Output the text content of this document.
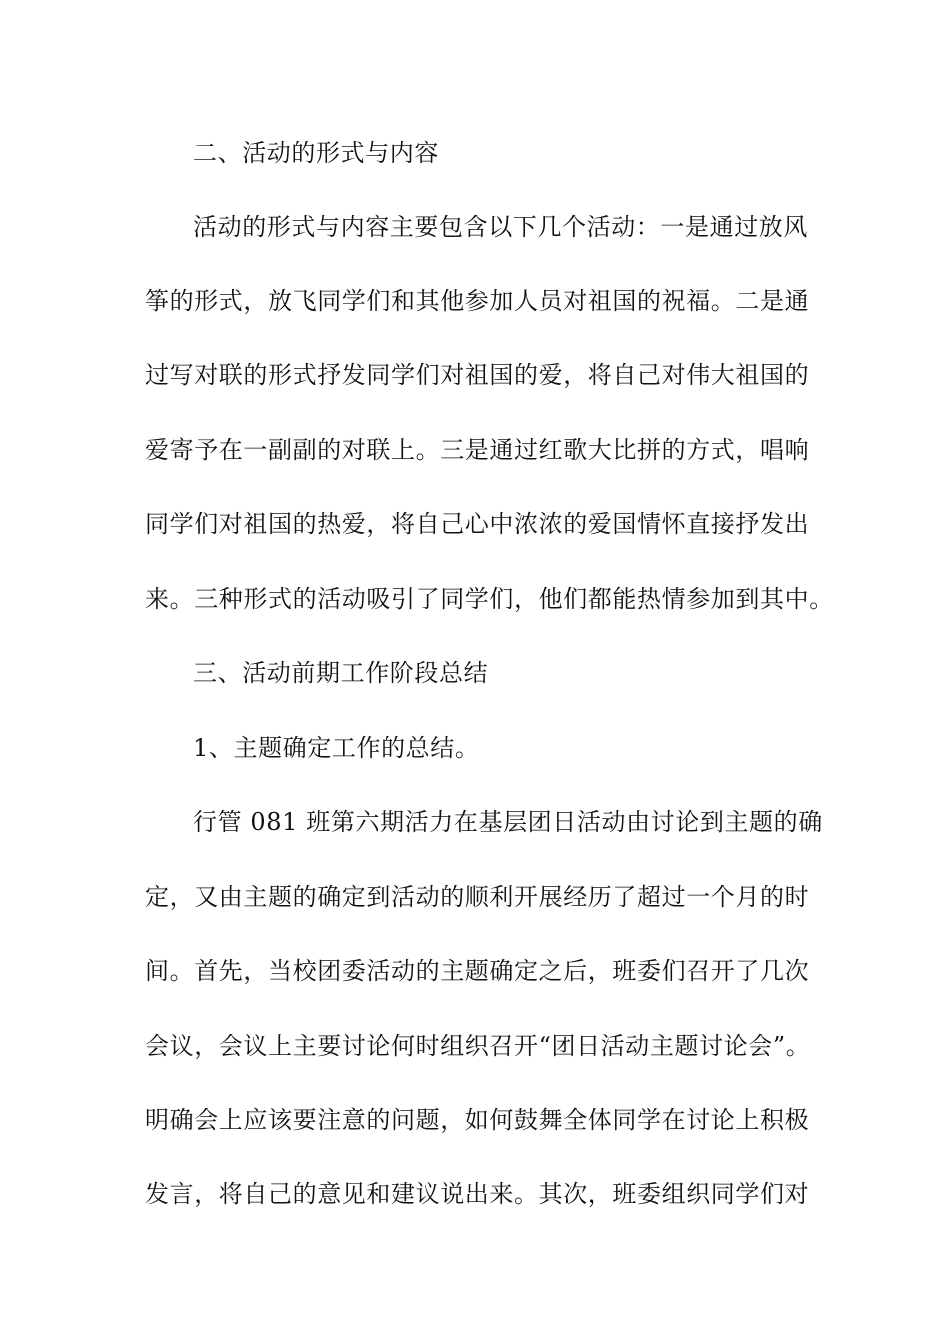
二、活动的形式与内容
活动的形式与内容主要包含以下几个活动：一是通过放风
筝的形式，放飞同学们和其他参加人员对祖国的祝福。二是通
过写对联的形式抒发同学们对祖国的爱，将自己对伟大祖国的
爱寄予在一副副的对联上。三是通过红歌大比拼的方式，唱响
同学们对祖国的热爱，将自己心中浓浓的爱国情怀直接抒发出
来。三种形式的活动吸引了同学们，他们都能热情参加到其中。
三、活动前期工作阶段总结
1、主题确定工作的总结。
行管 081 班第六期活力在基层团日活动由讨论到主题的确
定，又由主题的确定到活动的顺利开展经历了超过一个月的时
间。首先，当校团委活动的主题确定之后，班委们召开了几次
会议，会议上主要讨论何时组织召开“团日活动主题讨论会”。
明确会上应该要注意的问题，如何鼓舞全体同学在讨论上积极
发言，将自己的意见和建议说出来。其次，班委组织同学们对
